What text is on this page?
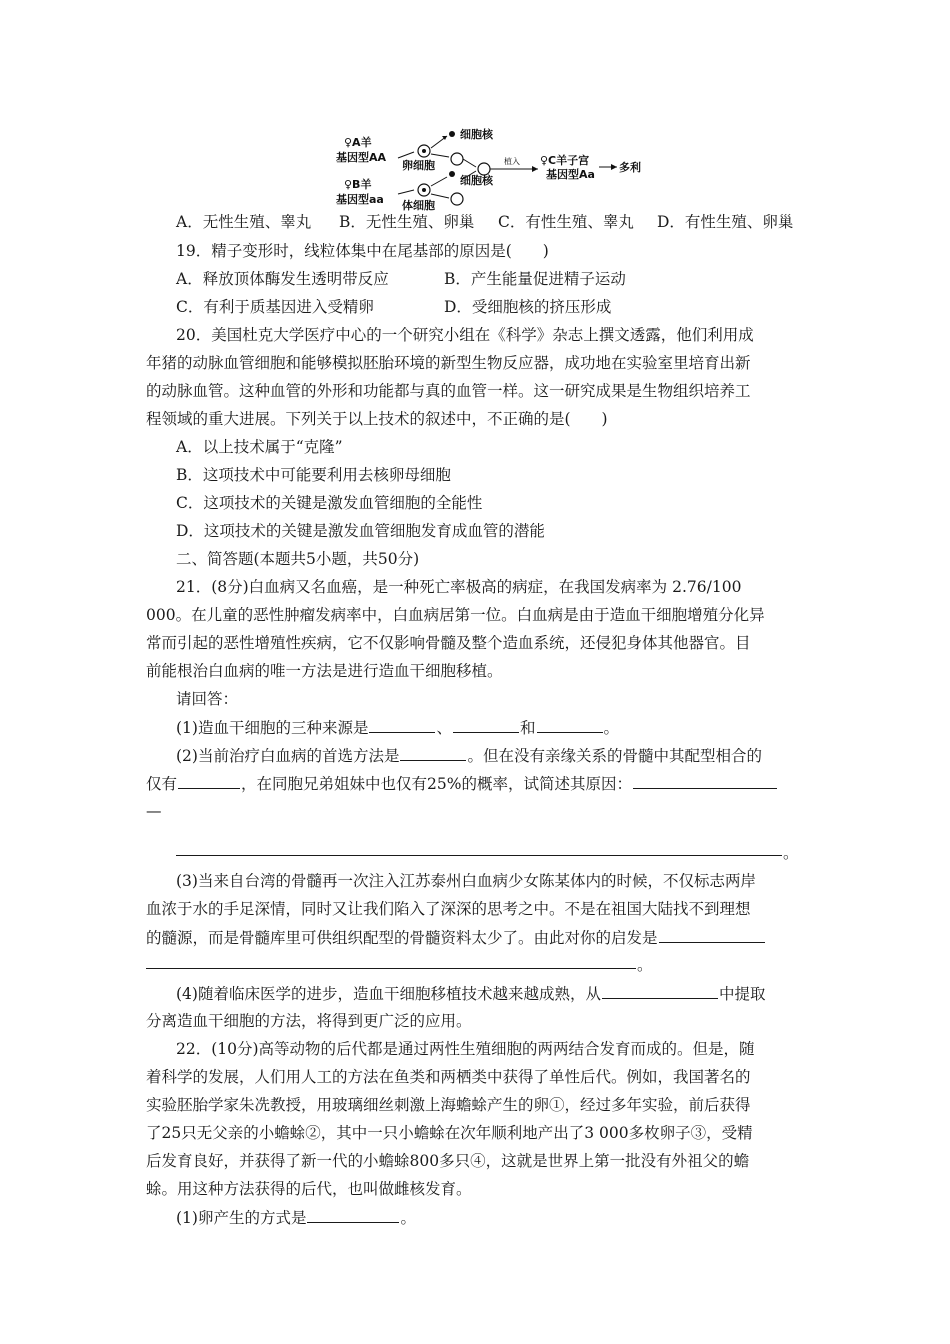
♀A羊
基因型AA
卵细胞
细胞核
植入 ♀C羊子宫
基因型Aa
多利
♀B羊
基因型aa 体细胞
细胞核
A．无性生殖、睾丸 B．无性生殖、卵巢 C．有性生殖、睾丸 D．有性生殖、卵巢
19．精子变形时，线粒体集中在尾基部的原因是(　　)
A．释放顶体酶发生透明带反应	B．产生能量促进精子运动
C．有利于质基因进入受精卵	D．受细胞核的挤压形成
20．美国杜克大学医疗中心的一个研究小组在《科学》杂志上撰文透露，他们利用成
年猪的动脉血管细胞和能够模拟胚胎环境的新型生物反应器，成功地在实验室里培育出新
的动脉血管。这种血管的外形和功能都与真的血管一样。这一研究成果是生物组织培养工
程领域的重大进展。下列关于以上技术的叙述中，不正确的是(　　)
A．以上技术属于“克隆”
B．这项技术中可能要利用去核卵母细胞
C．这项技术的关键是激发血管细胞的全能性
D．这项技术的关键是激发血管细胞发育成血管的潜能
二、简答题(本题共5小题，共50分)
21．(8分)白血病又名血癌，是一种死亡率极高的病症，在我国发病率为 2.76/100
000。在儿童的恶性肿瘤发病率中，白血病居第一位。白血病是由于造血干细胞增殖分化异
常而引起的恶性增殖性疾病，它不仅影响骨髓及整个造血系统，还侵犯身体其他器官。目
前能根治白血病的唯一方法是进行造血干细胞移植。
请回答：
(1)造血干细胞的三种来源是	、	和	。
(2)当前治疗白血病的首选方法是	。但在没有亲缘关系的骨髓中其配型相合的
仅有	，在同胞兄弟姐妹中也仅有25%的概率，试简述其原因：
—
。
(3)当来自台湾的骨髓再一次注入江苏泰州白血病少女陈某体内的时候，不仅标志两岸
血浓于水的手足深情，同时又让我们陷入了深深的思考之中。不是在祖国大陆找不到理想
的髓源，而是骨髓库里可供组织配型的骨髓资料太少了。由此对你的启发是
。
(4)随着临床医学的进步，造血干细胞移植技术越来越成熟，从	中提取
分离造血干细胞的方法，将得到更广泛的应用。
22．(10分)高等动物的后代都是通过两性生殖细胞的两两结合发育而成的。但是，随
着科学的发展，人们用人工的方法在鱼类和两栖类中获得了单性后代。例如，我国著名的
实验胚胎学家朱冼教授，用玻璃细丝刺激上海蟾蜍产生的卵①，经过多年实验，前后获得
了25只无父亲的小蟾蜍②，其中一只小蟾蜍在次年顺利地产出了3 000多枚卵子③，受精
后发育良好，并获得了新一代的小蟾蜍800多只④，这就是世界上第一批没有外祖父的蟾
蜍。用这种方法获得的后代，也叫做雌核发育。
(1)卵产生的方式是	。
